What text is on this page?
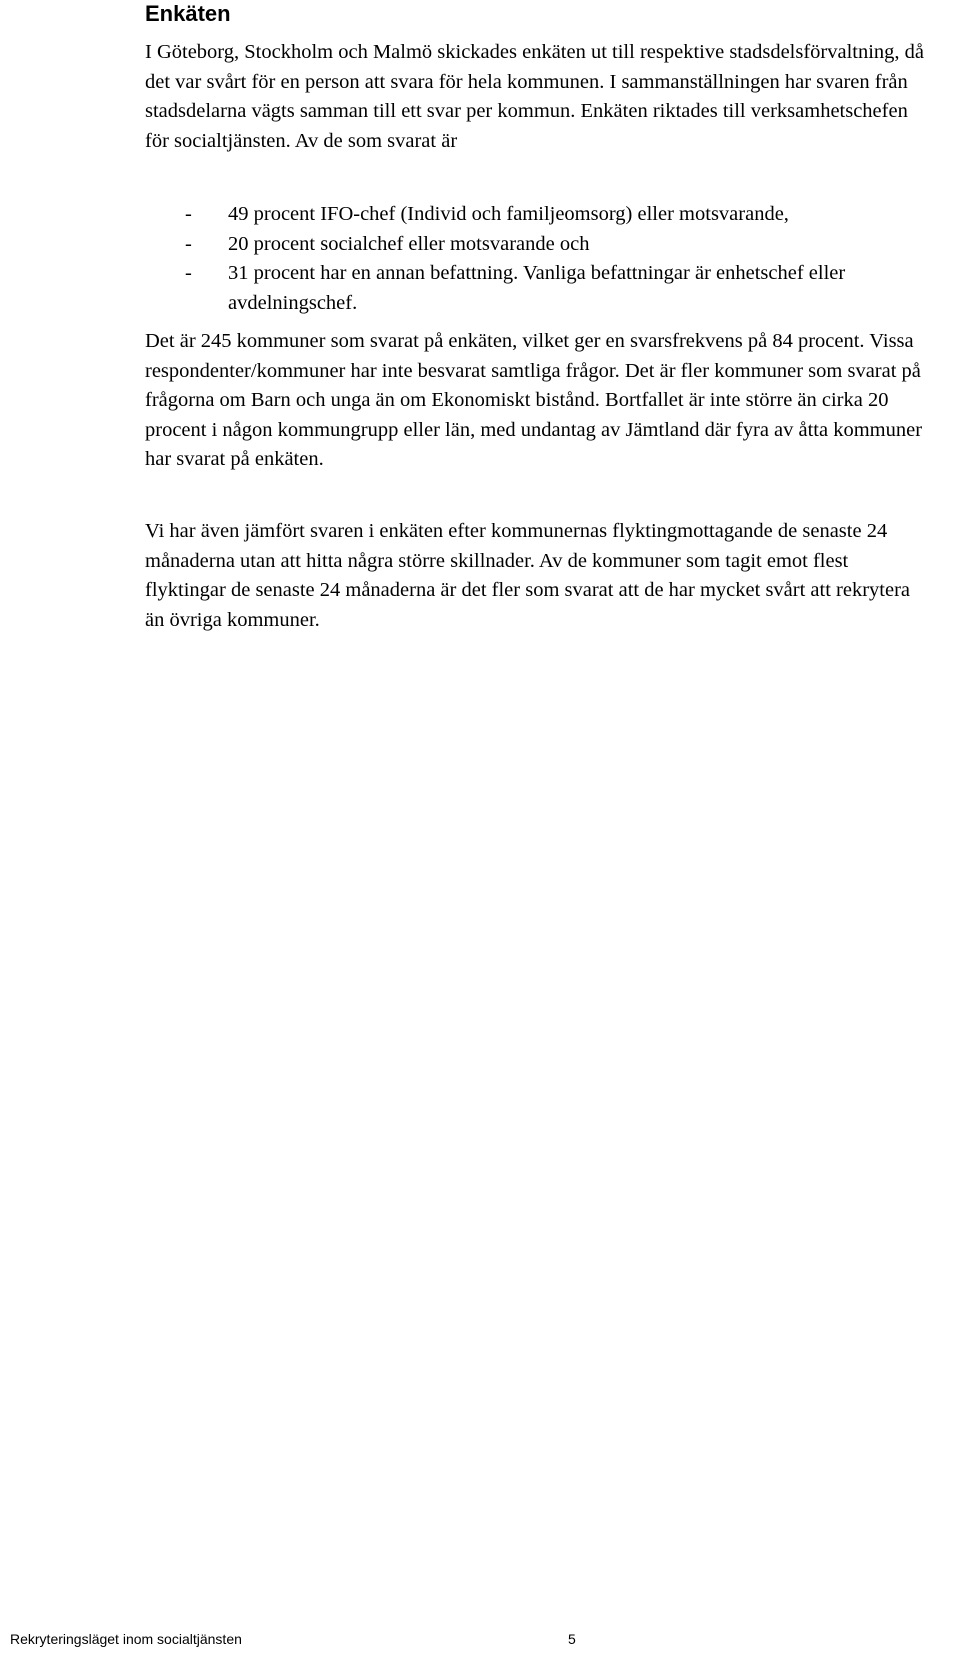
Enkäten

I Göteborg, Stockholm och Malmö skickades enkäten ut till respektive stadsdelsförvaltning, då det var svårt för en person att svara för hela kommunen. I sammanställningen har svaren från stadsdelarna vägts samman till ett svar per kommun. Enkäten riktades till verksamhetschefen för socialtjänsten. Av de som svarat är

- 49 procent IFO-chef (Individ och familjeomsorg) eller motsvarande,
- 20 procent socialchef eller motsvarande och
- 31 procent har en annan befattning. Vanliga befattningar är enhetschef eller avdelningschef.

Det är 245 kommuner som svarat på enkäten, vilket ger en svarsfrekvens på 84 procent. Vissa respondenter/kommuner har inte besvarat samtliga frågor. Det är fler kommuner som svarat på frågorna om Barn och unga än om Ekonomiskt bistånd. Bortfallet är inte större än cirka 20 procent i någon kommungrupp eller län, med undantag av Jämtland där fyra av åtta kommuner har svarat på enkäten.

Vi har även jämfört svaren i enkäten efter kommunernas flyktingmottagande de senaste 24 månaderna utan att hitta några större skillnader. Av de kommuner som tagit emot flest flyktingar de senaste 24 månaderna är det fler som svarat att de har mycket svårt att rekrytera än övriga kommuner.

Rekryteringsläget inom socialtjänsten	5
